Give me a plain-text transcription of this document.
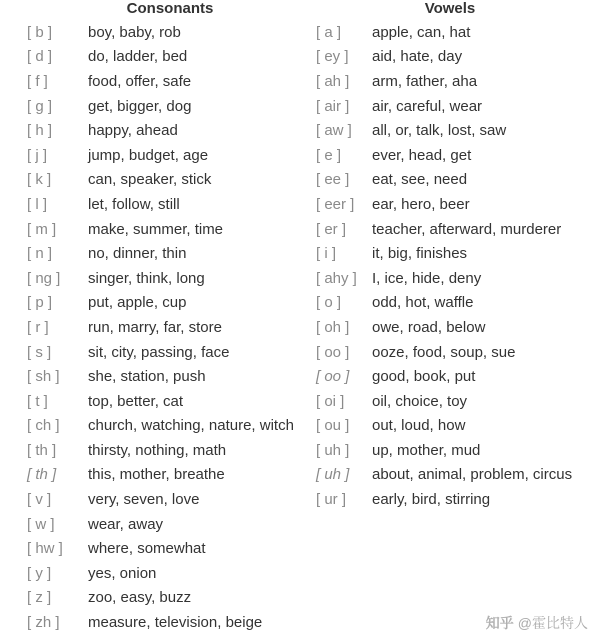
Consonants	Vowels
[ b ]	boy, baby, rob
[ d ]	do, ladder, bed
[ f ]	food, offer, safe
[ g ]	get, bigger, dog
[ h ]	happy, ahead
[ j ]	jump, budget, age
[ k ]	can, speaker, stick
[ l ]	let, follow, still
[ m ]	make, summer, time
[ n ]	no, dinner, thin
[ ng ]	singer, think, long
[ p ]	put, apple, cup
[ r ]	run, marry, far, store
[ s ]	sit, city, passing, face
[ sh ]	she, station, push
[ t ]	top, better, cat
[ ch ]	church, watching, nature, witch
[ th ]	thirsty, nothing, math
[ th ]	this, mother, breathe
[ v ]	very, seven, love
[ w ]	wear, away
[ hw ]	where, somewhat
[ y ]	yes, onion
[ z ]	zoo, easy, buzz
[ zh ]	measure, television, beige
[ a ]	apple, can, hat
[ ey ]	aid, hate, day
[ ah ]	arm, father, aha
[ air ]	air, careful, wear
[ aw ]	all, or, talk, lost, saw
[ e ]	ever, head, get
[ ee ]	eat, see, need
[ eer ]	ear, hero, beer
[ er ]	teacher, afterward, murderer
[ i ]	it, big, finishes
[ ahy ]	I, ice, hide, deny
[ o ]	odd, hot, waffle
[ oh ]	owe, road, below
[ oo ]	ooze, food, soup, sue
[ oo ]	good, book, put
[ oi ]	oil, choice, toy
[ ou ]	out, loud, how
[ uh ]	up, mother, mud
[ uh ]	about, animal, problem, circus
[ ur ]	early, bird, stirring
知乎 @霍比特人
